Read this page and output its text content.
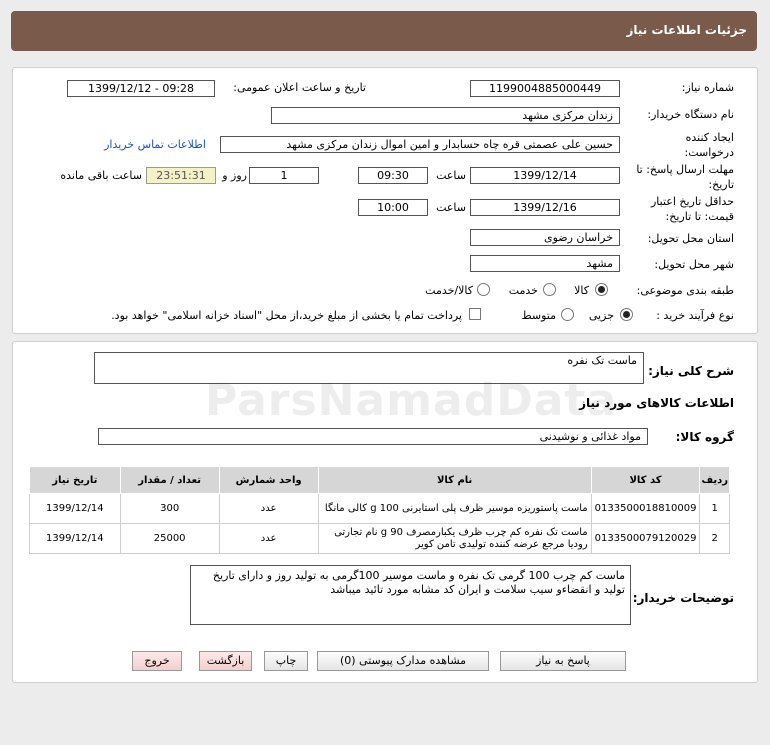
جزئیات اطلاعات نیاز
شماره نیاز:
1199004885000449
تاریخ و ساعت اعلان عمومی:
1399/12/12 - 09:28
نام دستگاه خریدار:
زندان مرکزی مشهد
ایجاد کننده درخواست:
حسین علی عصمتی قره چاه حسابدار و امین اموال زندان مرکزی مشهد
اطلاعات تماس خریدار
مهلت ارسال پاسخ: تا تاریخ:
1399/12/14
ساعت
09:30
1
روز و
23:51:31
ساعت باقی مانده
حداقل تاریخ اعتبار قیمت: تا تاریخ:
1399/12/16
ساعت
10:00
استان محل تحویل:
خراسان رضوی
شهر محل تحویل:
مشهد
طبقه بندی موضوعی:
کالا
خدمت
کالا/خدمت
نوع فرآیند خرید :
جزیی
متوسط
پرداخت تمام یا بخشی از مبلغ خرید،از محل "اسناد خزانه اسلامی" خواهد بود.
شرح کلی نیاز:
ماست تک نفره
اطلاعات کالاهای مورد نیاز
گروه کالا:
مواد غذائی و نوشیدنی
ردیف	کد کالا	نام کالا	واحد شمارش	تعداد / مقدار	تاریخ نیاز
1	0133500018810009	ماست پاستوریزه موسیر ظرف پلی استایرنی 100 g کالی مانگا	عدد	300	1399/12/14
2	0133500079120029	ماست تک نفره کم چرب ظرف یکبارمصرف 90 g نام تجارتی رودیا مرجع عرضه کننده تولیدی تامن کویر	عدد	25000	1399/12/14
توضیحات خریدار:
ماست کم چرب 100 گرمی تک نفره و ماست موسیر 100گرمی به تولید روز و دارای تاریخ تولید و انقضاءو سیب سلامت و ایران کد مشابه مورد تائید میباشد
پاسخ به نیاز
مشاهده مدارک پیوستی (0)
چاپ
بازگشت
خروج
